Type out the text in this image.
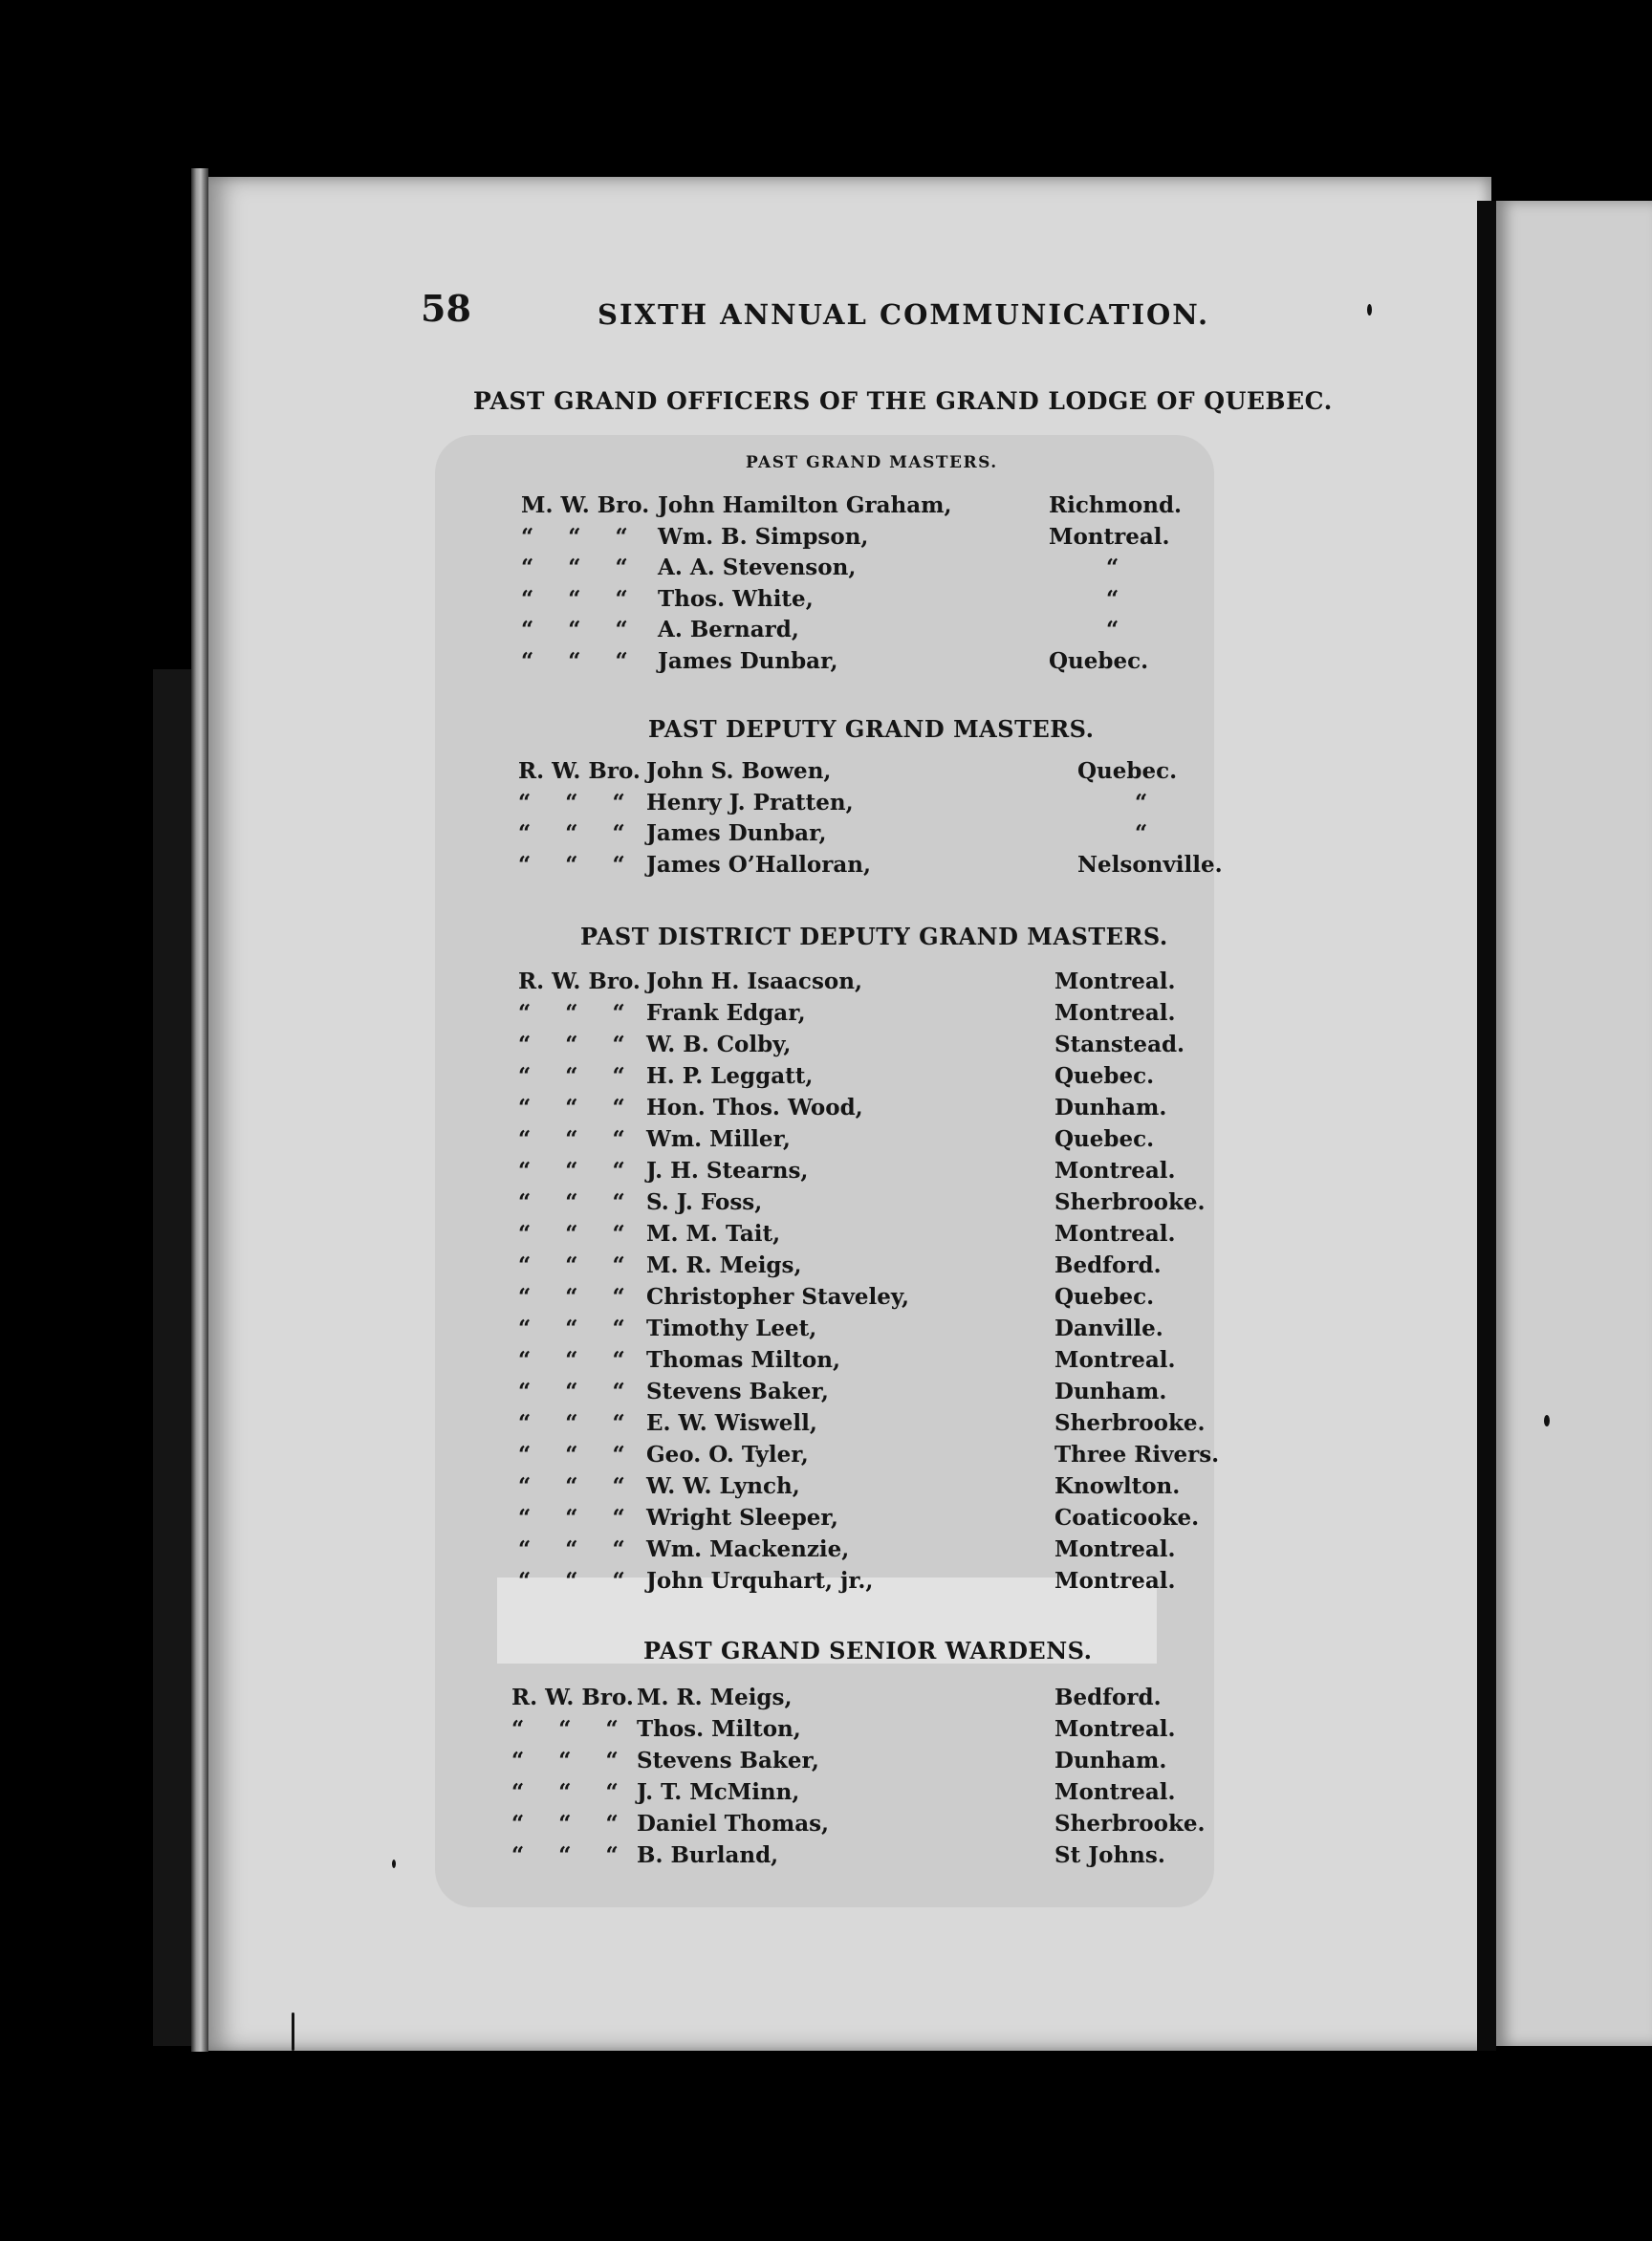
58	SIXTH ANNUAL COMMUNICATION.
PAST GRAND OFFICERS OF THE GRAND LODGE OF QUEBEC.
PAST GRAND MASTERS.
M. W. Bro. John Hamilton Graham,	Richmond.
“ “ “ Wm. B. Simpson,	Montreal.
“ “ “ A. A. Stevenson,	“
“ “ “ Thos. White,	“
“ “ “ A. Bernard,	“
“ “ “ James Dunbar,	Quebec.
PAST DEPUTY GRAND MASTERS.
R. W. Bro. John S. Bowen,	Quebec.
“ “ “ Henry J. Pratten,	“
“ “ “ James Dunbar,	“
“ “ “ James O’Halloran,	Nelsonville.
PAST DISTRICT DEPUTY GRAND MASTERS.
R. W. Bro. John H. Isaacson,	Montreal.
“ “ “ Frank Edgar,	Montreal.
“ “ “ W. B. Colby,	Stanstead.
“ “ “ H. P. Leggatt,	Quebec.
“ “ “ Hon. Thos. Wood,	Dunham.
“ “ “ Wm. Miller,	Quebec.
“ “ “ J. H. Stearns,	Montreal.
“ “ “ S. J. Foss,	Sherbrooke.
“ “ “ M. M. Tait,	Montreal.
“ “ “ M. R. Meigs,	Bedford.
“ “ “ Christopher Staveley,	Quebec.
“ “ “ Timothy Leet,	Danville.
“ “ “ Thomas Milton,	Montreal.
“ “ “ Stevens Baker,	Dunham.
“ “ “ E. W. Wiswell,	Sherbrooke.
“ “ “ Geo. O. Tyler,	Three Rivers.
“ “ “ W. W. Lynch,	Knowlton.
“ “ “ Wright Sleeper,	Coaticooke.
“ “ “ Wm. Mackenzie,	Montreal.
“ “ “ John Urquhart, jr.,	Montreal.
PAST GRAND SENIOR WARDENS.
R. W. Bro. M. R. Meigs,	Bedford.
“ “ “ Thos. Milton,	Montreal.
“ “ “ Stevens Baker,	Dunham.
“ “ “ J. T. McMinn,	Montreal.
“ “ “ Daniel Thomas,	Sherbrooke.
“ “ “ B. Burland,	St Johns.
